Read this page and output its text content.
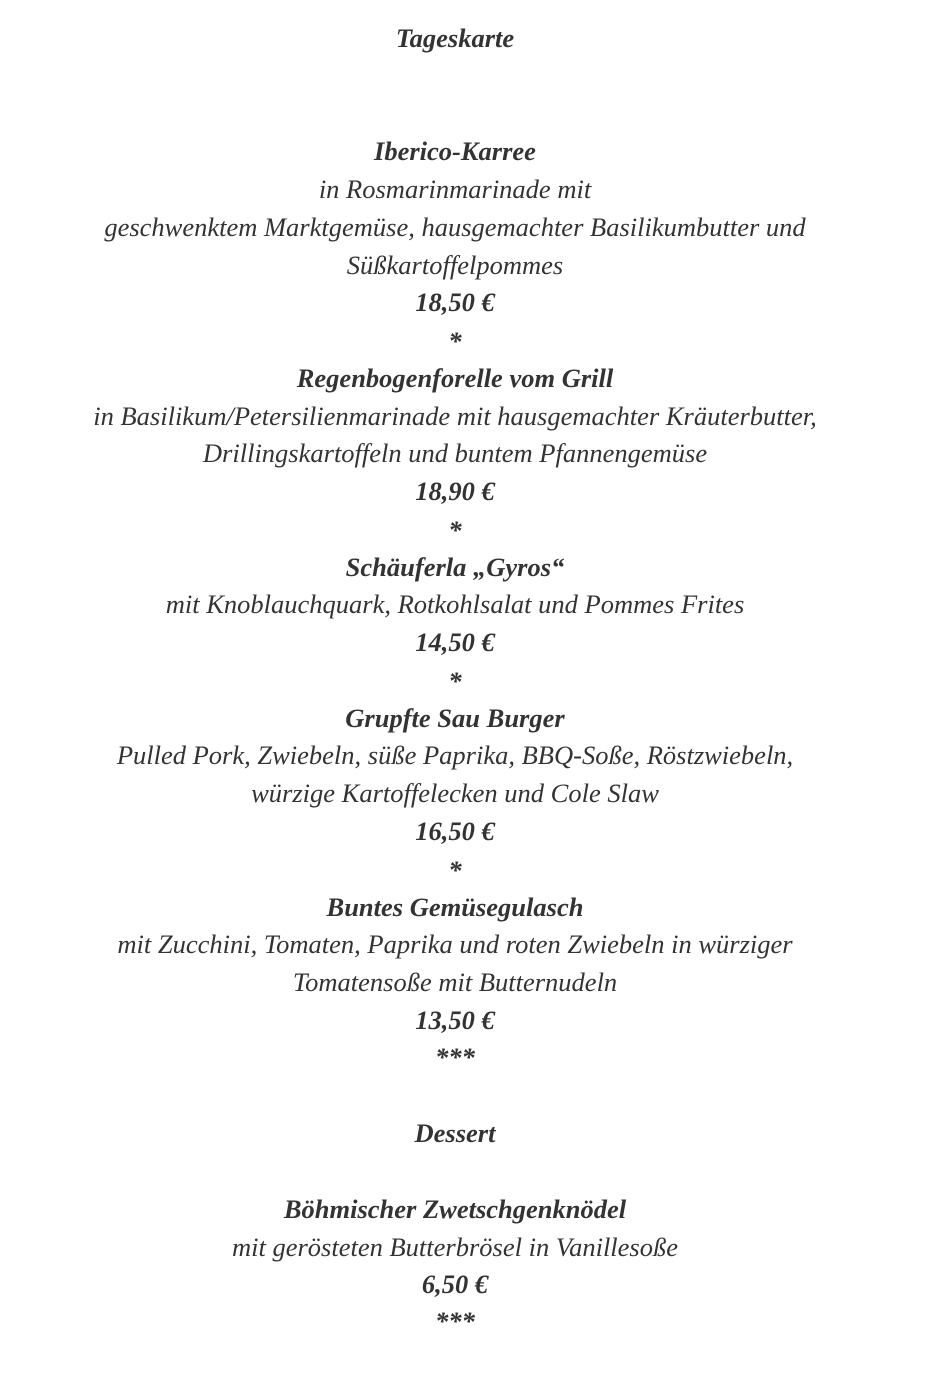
Tageskarte
Iberico-Karree
in Rosmarinmarinade mit
geschwenktem Marktgemüse, hausgemachter Basilikumbutter und
Süßkartoffelpommes
18,50 €
*
Regenbogenforelle vom Grill
in Basilikum/Petersilienmarinade mit hausgemachter Kräuterbutter,
Drillingskartoffeln und buntem Pfannengemüse
18,90 €
*
Schäuferla „Gyros“
mit Knoblauchquark, Rotkohlsalat und Pommes Frites
14,50 €
*
Grupfte Sau Burger
Pulled Pork, Zwiebeln, süße Paprika, BBQ-Soße, Röstzwiebeln,
würzige Kartoffelecken und Cole Slaw
16,50 €
*
Buntes Gemüsegulasch
mit Zucchini, Tomaten, Paprika und roten Zwiebeln in würziger
Tomatensoße mit Butternudeln
13,50 €
***
Dessert
Böhmischer Zwetschgenknödel
mit gerösteten Butterbrösel in Vanillesoße
6,50 €
***
